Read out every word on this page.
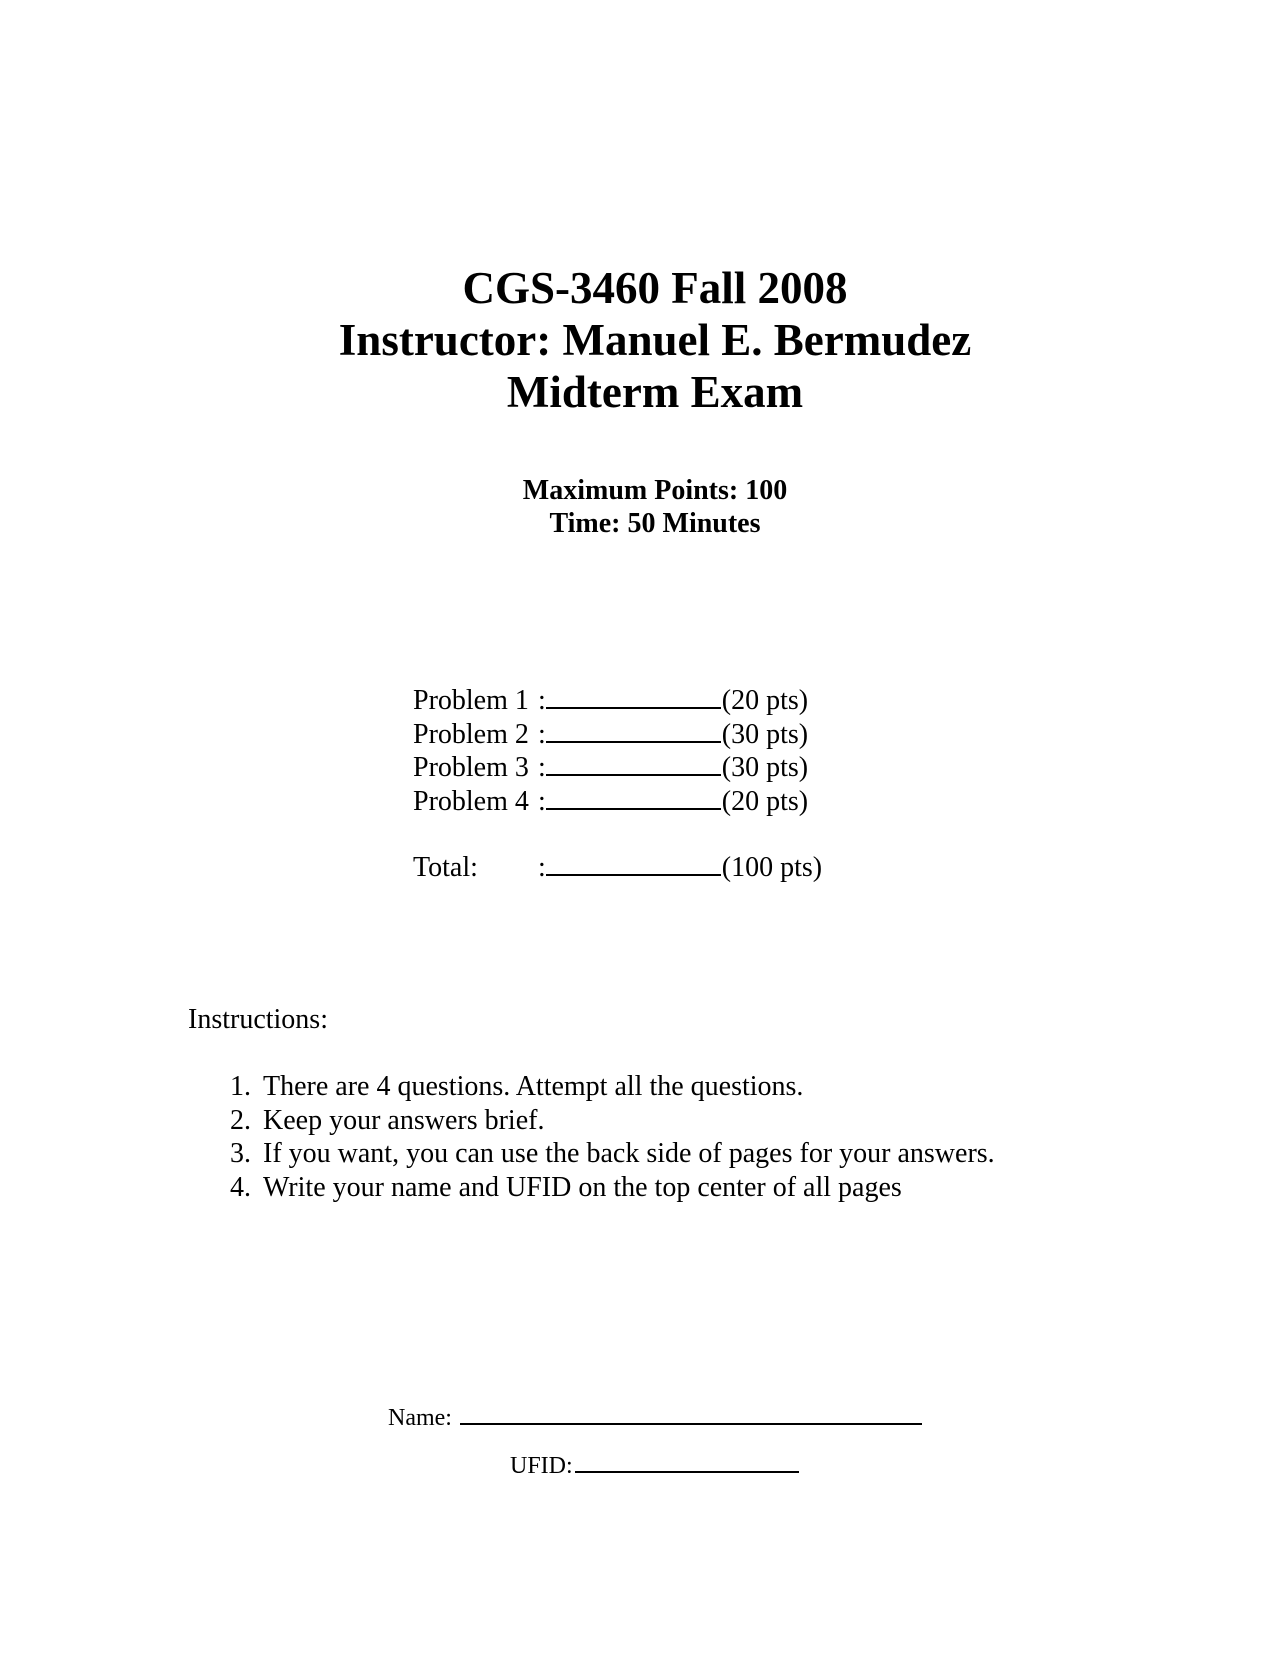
CGS-3460 Fall 2008
Instructor: Manuel E. Bermudez
Midterm Exam
Maximum Points: 100
Time: 50 Minutes
Problem 1 :	(20 pts)
Problem 2 :	(30 pts)
Problem 3 :	(30 pts)
Problem 4 :	(20 pts)
Total: :	(100 pts)
Instructions:
1. There are 4 questions. Attempt all the questions.
2. Keep your answers brief.
3. If you want, you can use the back side of pages for your answers.
4. Write your name and UFID on the top center of all pages
Name:
UFID:
